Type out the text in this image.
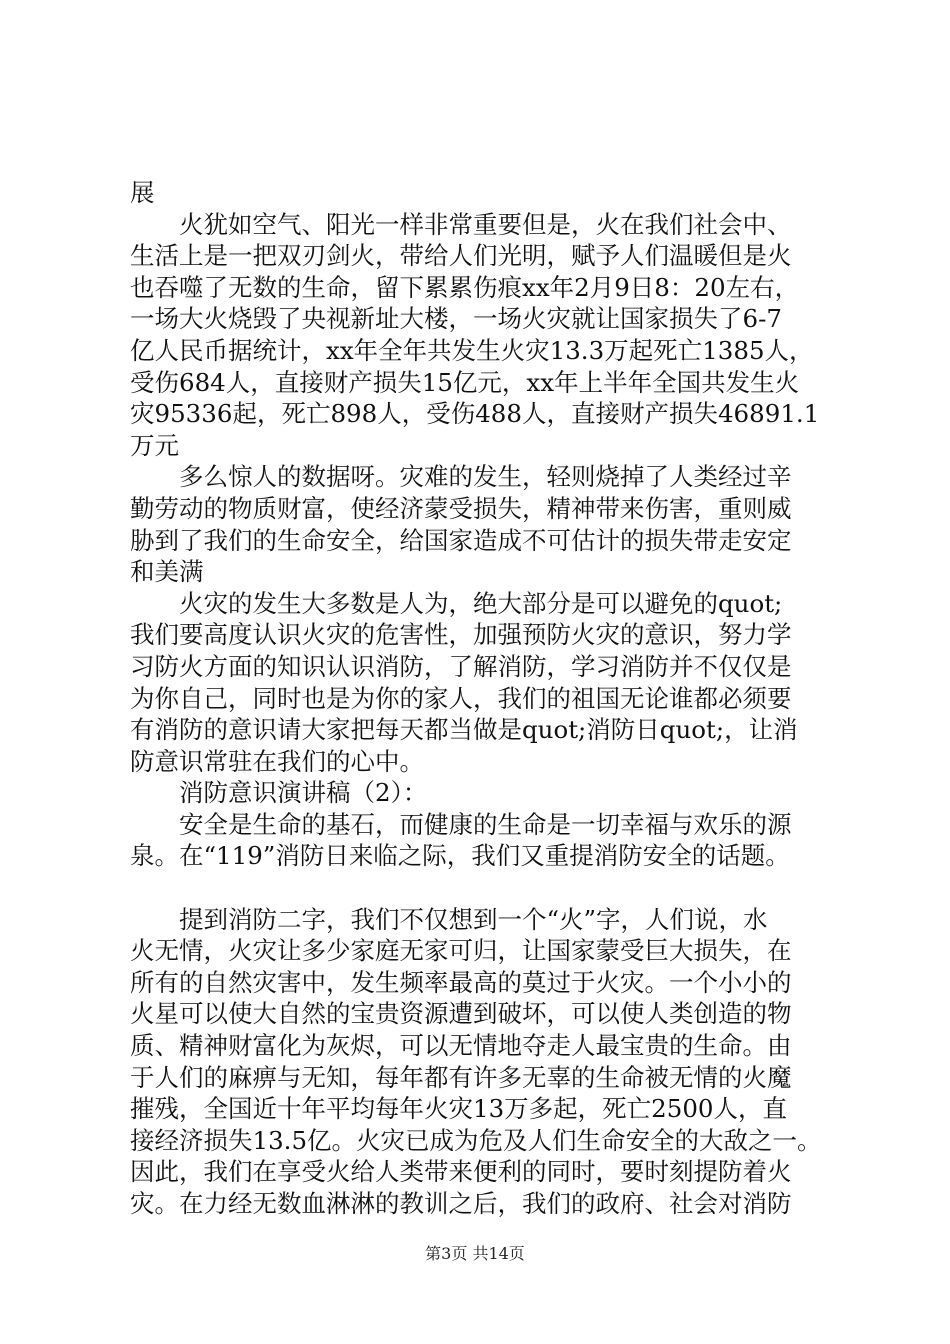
展
　　火犹如空气、阳光一样非常重要但是，火在我们社会中、
生活上是一把双刃剑火，带给人们光明，赋予人们温暖但是火
也吞噬了无数的生命，留下累累伤痕xx年2月9日8：20左右，
一场大火烧毁了央视新址大楼，一场火灾就让国家损失了6-7
亿人民币据统计，xx年全年共发生火灾13.3万起死亡1385人，
受伤684人，直接财产损失15亿元，xx年上半年全国共发生火
灾95336起，死亡898人，受伤488人，直接财产损失46891.1
万元
　　多么惊人的数据呀。灾难的发生，轻则烧掉了人类经过辛
勤劳动的物质财富，使经济蒙受损失，精神带来伤害，重则威
胁到了我们的生命安全，给国家造成不可估计的损失带走安定
和美满
　　火灾的发生大多数是人为，绝大部分是可以避免的quot;
我们要高度认识火灾的危害性，加强预防火灾的意识，努力学
习防火方面的知识认识消防，了解消防，学习消防并不仅仅是
为你自己，同时也是为你的家人，我们的祖国无论谁都必须要
有消防的意识请大家把每天都当做是quot;消防日quot;，让消
防意识常驻在我们的心中。
　　消防意识演讲稿（2）：
　　安全是生命的基石，而健康的生命是一切幸福与欢乐的源
泉。在“119”消防日来临之际，我们又重提消防安全的话题。
　　提到消防二字，我们不仅想到一个“火”字，人们说，水
火无情，火灾让多少家庭无家可归，让国家蒙受巨大损失，在
所有的自然灾害中，发生频率最高的莫过于火灾。一个小小的
火星可以使大自然的宝贵资源遭到破坏，可以使人类创造的物
质、精神财富化为灰烬，可以无情地夺走人最宝贵的生命。由
于人们的麻痹与无知，每年都有许多无辜的生命被无情的火魔
摧残，全国近十年平均每年火灾13万多起，死亡2500人，直
接经济损失13.5亿。火灾已成为危及人们生命安全的大敌之一。
因此，我们在享受火给人类带来便利的同时，要时刻提防着火
灾。在力经无数血淋淋的教训之后，我们的政府、社会对消防
第3页 共14页
